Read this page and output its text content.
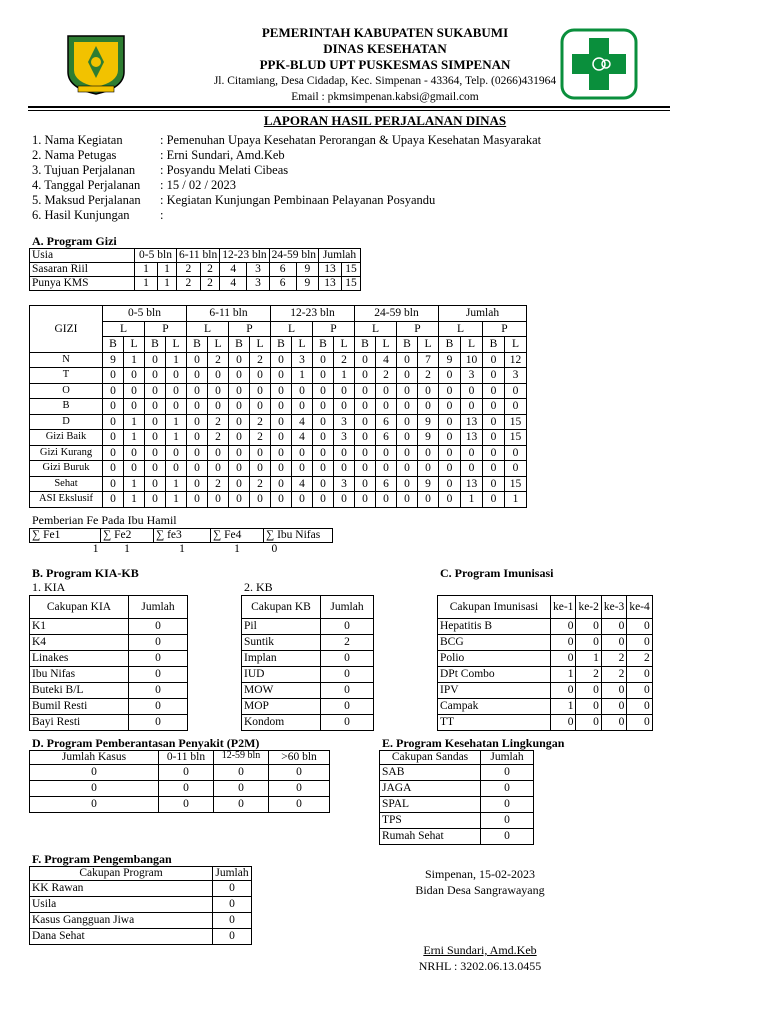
PEMERINTAH KABUPATEN SUKABUMI
DINAS KESEHATAN
PPK-BLUD UPT PUSKESMAS SIMPENAN
Jl. Citamiang, Desa Cidadap, Kec. Simpenan - 43364, Telp. (0266)431964
Email : pkmsimpenan.kabsi@gmail.com
LAPORAN HASIL PERJALANAN DINAS
1. Nama Kegiatan	: Pemenuhan Upaya Kesehatan Perorangan & Upaya Kesehatan Masyarakat
2. Nama Petugas	: Erni Sundari, Amd.Keb
3. Tujuan Perjalanan	: Posyandu Melati Cibeas
4. Tanggal Perjalanan	: 15 / 02 / 2023
5. Maksud Perjalanan	: Kegiatan Kunjungan Pembinaan Pelayanan Posyandu
6. Hasil Kunjungan	:
A. Program Gizi
Usia	0-5 bln		6-11 bln		12-23 bln		24-59 bln		Jumlah	
Sasaran Riil	1	1	2	2	4	3	6	9	13	15
Punya KMS	1	1	2	2	4	3	6	9	13	15
GIZI	0-5 bln				6-11 bln				12-23 bln				24-59 bln				Jumlah			
	L		P		L		P		L		P		L		P		L		P	
	B	L	B	L	B	L	B	L	B	L	B	L	B	L	B	L	B	L	B	L
N	9	1	0	1	0	2	0	2	0	3	0	2	0	4	0	7	9	10	0	12
T	0	0	0	0	0	0	0	0	0	1	0	1	0	2	0	2	0	3	0	3
O	0	0	0	0	0	0	0	0	0	0	0	0	0	0	0	0	0	0	0	0
B	0	0	0	0	0	0	0	0	0	0	0	0	0	0	0	0	0	0	0	0
D	0	1	0	1	0	2	0	2	0	4	0	3	0	6	0	9	0	13	0	15
Gizi Baik	0	1	0	1	0	2	0	2	0	4	0	3	0	6	0	9	0	13	0	15
Gizi Kurang	0	0	0	0	0	0	0	0	0	0	0	0	0	0	0	0	0	0	0	0
Gizi Buruk	0	0	0	0	0	0	0	0	0	0	0	0	0	0	0	0	0	0	0	0
Sehat	0	1	0	1	0	2	0	2	0	4	0	3	0	6	0	9	0	13	0	15
ASI Ekslusif	0	1	0	1	0	0	0	0	0	0	0	0	0	0	0	0	0	1	0	1
Pemberian Fe Pada Ibu Hamil
∑ Fe1	∑ Fe2	∑ fe3	∑ Fe4	∑ Ibu Nifas
1	1	1	1	0
B. Program KIA-KB
1. KIA	2. KB
Cakupan KIA	Jumlah
K1	0
K4	0
Linakes	0
Ibu Nifas	0
Buteki B/L	0
Bumil Resti	0
Bayi Resti	0
Cakupan KB	Jumlah
Pil	0
Suntik	2
Implan	0
IUD	0
MOW	0
MOP	0
Kondom	0
C. Program Imunisasi
Cakupan Imunisasi	ke-1	ke-2	ke-3	ke-4
Hepatitis B	0	0	0	0
BCG	0	0	0	0
Polio	0	1	2	2
DPt Combo	1	2	2	0
IPV	0	0	0	0
Campak	1	0	0	0
TT	0	0	0	0
D. Program Pemberantasan Penyakit (P2M)
Jumlah Kasus	0-11 bln	12-59 bln	>60 bln
0	0	0	0
0	0	0	0
0	0	0	0
E. Program Kesehatan Lingkungan
Cakupan Sandas	Jumlah
SAB	0
JAGA	0
SPAL	0
TPS	0
Rumah Sehat	0
F. Program Pengembangan
Cakupan Program	Jumlah
KK Rawan	0
Usila	0
Kasus Gangguan Jiwa	0
Dana Sehat	0
Simpenan, 15-02-2023
Bidan Desa Sangrawayang
Erni Sundari, Amd.Keb
NRHL : 3202.06.13.0455
